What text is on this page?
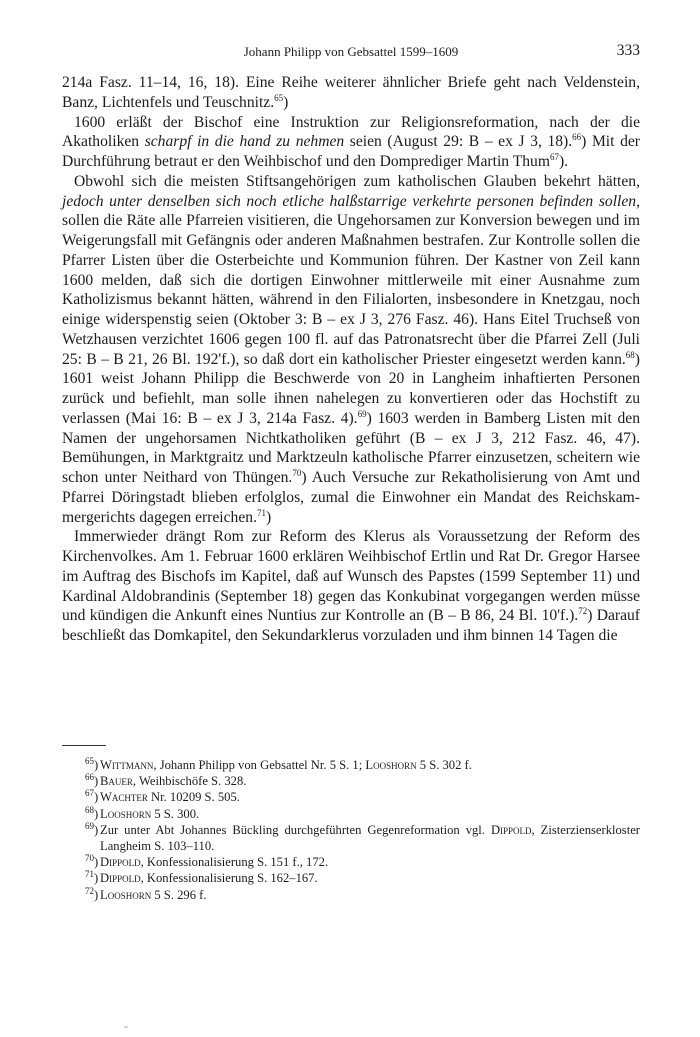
Johann Philipp von Gebsattel 1599–1609	333

214a Fasz. 11–14, 16, 18). Eine Reihe weiterer ähnlicher Briefe geht nach Veldenstein, Banz, Lichtenfels und Teuschnitz.$^{65}$)

1600 erläßt der Bischof eine Instruktion zur Religionsreformation, nach der die Akatholiken scharpf in die hand zu nehmen seien (August 29: B – ex J 3, 18).$^{66}$) Mit der Durchführung betraut er den Weihbischof und den Domprediger Martin Thum$^{67}$).

Obwohl sich die meisten Stiftsangehörigen zum katholischen Glauben bekehrt hätten, jedoch unter denselben sich noch etliche halßstarrige verkehrte personen befinden sollen, sollen die Räte alle Pfarreien visitieren, die Ungehorsamen zur Konversion bewegen und im Weigerungsfall mit Gefängnis oder anderen Maßnahmen bestrafen. Zur Kontrolle sollen die Pfarrer Listen über die Osterbeichte und Kommunion führen. Der Kastner von Zeil kann 1600 melden, daß sich die dortigen Einwohner mittlerweile mit einer Ausnahme zum Katholizismus bekannt hätten, während in den Filialorten, insbesondere in Knetzgau, noch einige widerspenstig seien (Oktober 3: B – ex J 3, 276 Fasz. 46). Hans Eitel Truchseß von Wetzhausen verzichtet 1606 gegen 100 fl. auf das Patronatsrecht über die Pfarrei Zell (Juli 25: B – B 21, 26 Bl. 192'f.), so daß dort ein katholischer Priester eingesetzt werden kann.$^{68}$) 1601 weist Johann Philipp die Beschwerde von 20 in Langheim inhaftierten Personen zurück und befiehlt, man solle ihnen nahelegen zu konvertieren oder das Hochstift zu verlassen (Mai 16: B – ex J 3, 214a Fasz. 4).$^{69}$) 1603 werden in Bamberg Listen mit den Namen der ungehorsamen Nichtkatholiken geführt (B – ex J 3, 212 Fasz. 46, 47). Bemühungen, in Marktgraitz und Marktzeuln katholische Pfarrer einzusetzen, scheitern wie schon unter Neithard von Thüngen.$^{70}$) Auch Versuche zur Rekatholisierung von Amt und Pfarrei Döringstadt blieben erfolglos, zumal die Einwohner ein Mandat des Reichskammergerichts dagegen erreichen.$^{71}$)

Immerwieder drängt Rom zur Reform des Klerus als Voraussetzung der Reform des Kirchenvolkes. Am 1. Februar 1600 erklären Weihbischof Ertlin und Rat Dr. Gregor Harsee im Auftrag des Bischofs im Kapitel, daß auf Wunsch des Papstes (1599 September 11) und Kardinal Aldobrandinis (September 18) gegen das Konkubinat vorgegangen werden müsse und kündigen die Ankunft eines Nuntius zur Kontrolle an (B – B 86, 24 Bl. 10'f.).$^{72}$) Darauf beschließt das Domkapitel, den Sekundarklerus vorzuladen und ihm binnen 14 Tagen die

$^{65}$) Wittmann, Johann Philipp von Gebsattel Nr. 5 S. 1; Looshorn 5 S. 302 f.

$^{66}$) Bauer, Weihbischöfe S. 328.

$^{67}$) Wachter Nr. 10209 S. 505.

$^{68}$) Looshorn 5 S. 300.

$^{69}$) Zur unter Abt Johannes Bückling durchgeführten Gegenreformation vgl. Dippold, Zisterzienserkloster Langheim S. 103–110.

$^{70}$) Dippold, Konfessionalisierung S. 151 f., 172.

$^{71}$) Dippold, Konfessionalisierung S. 162–167.

$^{72}$) Looshorn 5 S. 296 f.
